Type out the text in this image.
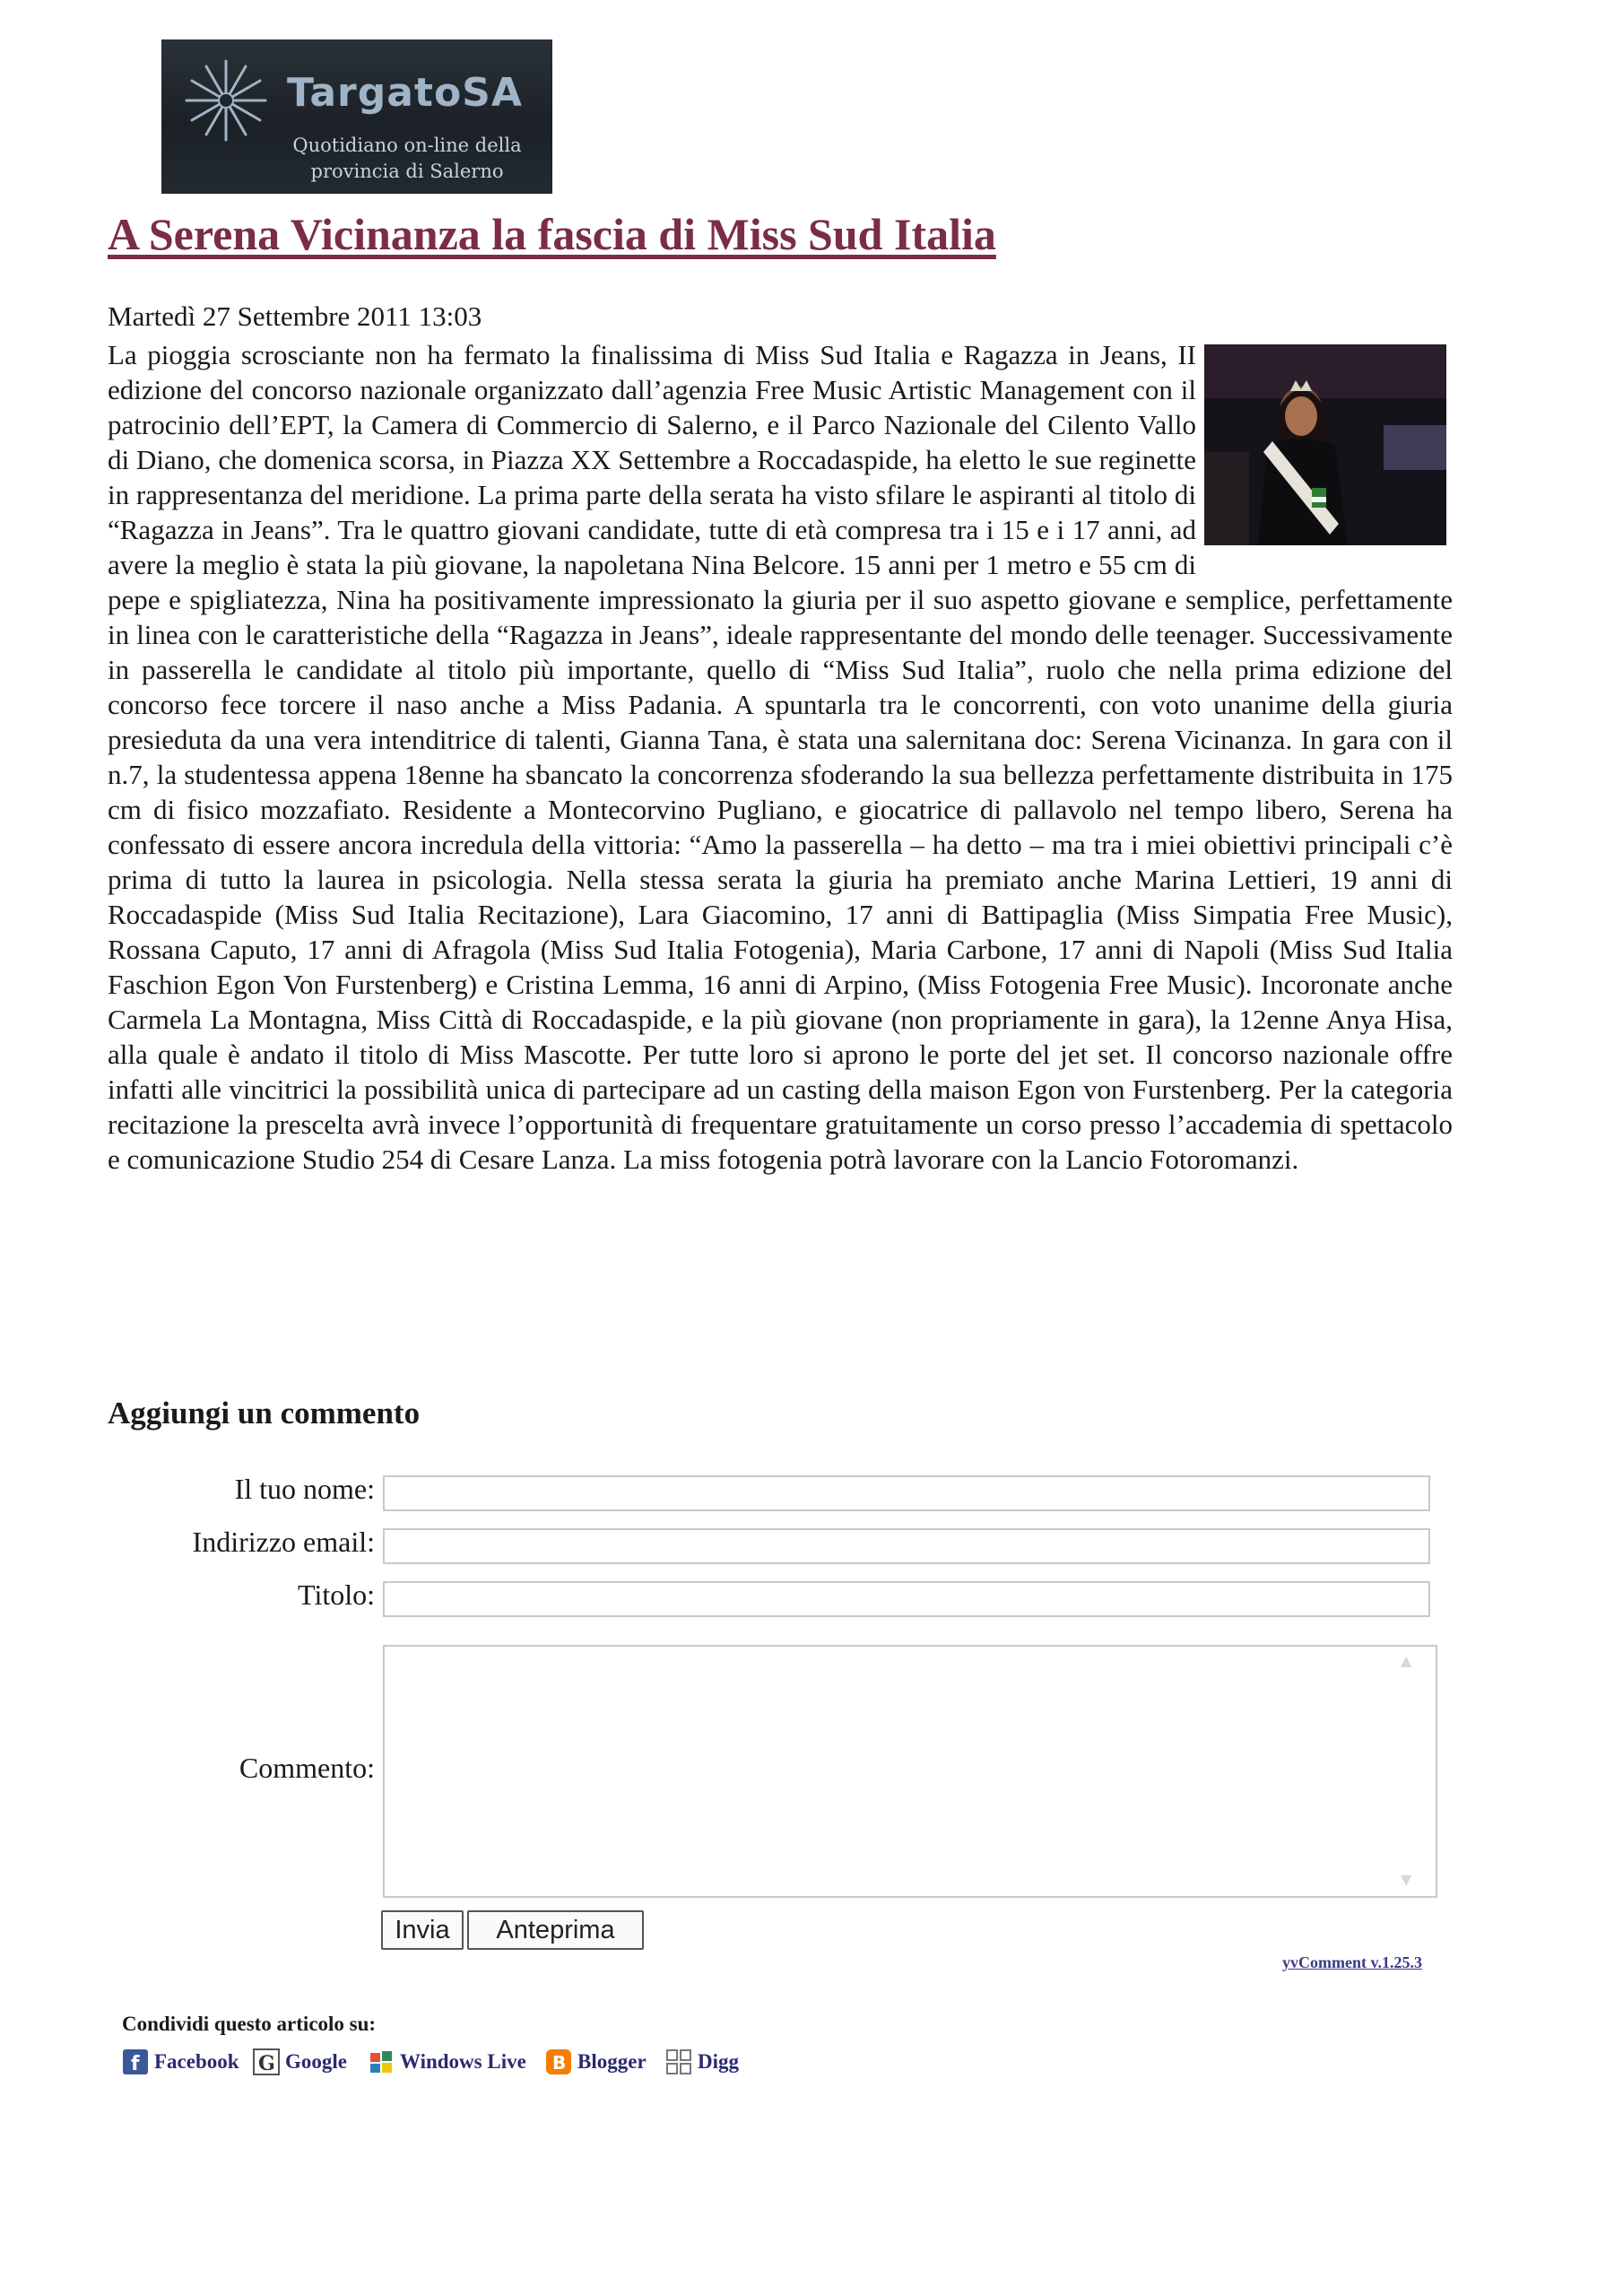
TargatoSA
Quotidiano on-line della provincia di Salerno
A Serena Vicinanza la fascia di Miss Sud Italia
Martedì 27 Settembre 2011 13:03
La pioggia scrosciante non ha fermato la finalissima di Miss Sud Italia e Ragazza in Jeans, II edizione del concorso nazionale organizzato dall’agenzia Free Music Artistic Management con il patrocinio dell’EPT, la Camera di Commercio di Salerno, e il Parco Nazionale del Cilento Vallo di Diano, che domenica scorsa, in Piazza XX Settembre a Roccadaspide, ha eletto le sue reginette in rappresentanza del meridione. La prima parte della serata ha visto sfilare le aspiranti al titolo di “Ragazza in Jeans”. Tra le quattro giovani candidate, tutte di età compresa tra i 15 e i 17 anni, ad avere la meglio è stata la più giovane, la napoletana Nina Belcore. 15 anni per 1 metro e 55 cm di pepe e spigliatezza, Nina ha positivamente impressionato la giuria per il suo aspetto giovane e semplice, perfettamente in linea con le caratteristiche della “Ragazza in Jeans”, ideale rappresentante del mondo delle teenager. Successivamente in passerella le candidate al titolo più importante, quello di “Miss Sud Italia”, ruolo che nella prima edizione del concorso fece torcere il naso anche a Miss Padania. A spuntarla tra le concorrenti, con voto unanime della giuria presieduta da una vera intenditrice di talenti, Gianna Tana, è stata una salernitana doc: Serena Vicinanza. In gara con il n.7, la studentessa appena 18enne ha sbancato la concorrenza sfoderando la sua bellezza perfettamente distribuita in 175 cm di fisico mozzafiato. Residente a Montecorvino Pugliano, e giocatrice di pallavolo nel tempo libero, Serena ha confessato di essere ancora incredula della vittoria: “Amo la passerella – ha detto – ma tra i miei obiettivi principali c’è prima di tutto la laurea in psicologia. Nella stessa serata la giuria ha premiato anche Marina Lettieri, 19 anni di Roccadaspide (Miss Sud Italia Recitazione), Lara Giacomino, 17 anni di Battipaglia (Miss Simpatia Free Music), Rossana Caputo, 17 anni di Afragola (Miss Sud Italia Fotogenia), Maria Carbone, 17 anni di Napoli (Miss Sud Italia Faschion Egon Von Furstenberg) e Cristina Lemma, 16 anni di Arpino, (Miss Fotogenia Free Music). Incoronate anche Carmela La Montagna, Miss Città di Roccadaspide, e la più giovane (non propriamente in gara), la 12enne Anya Hisa, alla quale è andato il titolo di Miss Mascotte. Per tutte loro si aprono le porte del jet set. Il concorso nazionale offre infatti alle vincitrici la possibilità unica di partecipare ad un casting della maison Egon von Furstenberg. Per la categoria recitazione la prescelta avrà invece l’opportunità di frequentare gratuitamente un corso presso l’accademia di spettacolo e comunicazione Studio 254 di Cesare Lanza. La miss fotogenia potrà lavorare con la Lancio Fotoromanzi.
Aggiungi un commento
Il tuo nome:
Indirizzo email:
Titolo:
Commento:
▲
▼
Invia	Anteprima
yvComment v.1.25.3
Condividi questo articolo su:
f Facebook G Google	Windows Live B Blogger Digg
